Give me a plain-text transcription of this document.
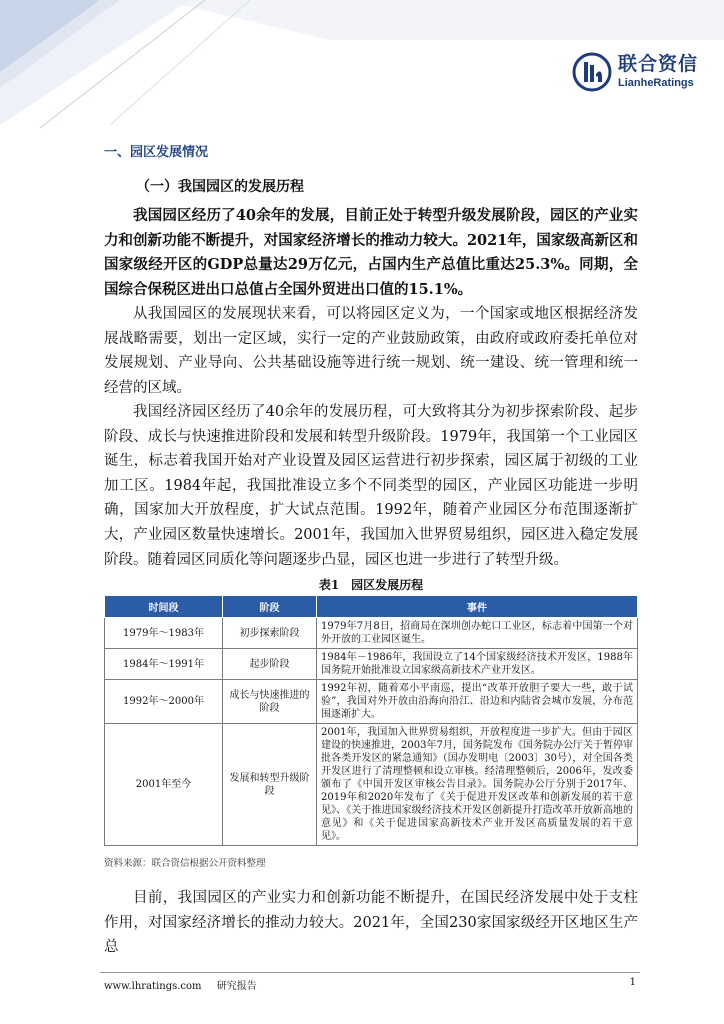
联合资信
LianheRatings
一、园区发展情况
（一）我国园区的发展历程

我国园区经历了40余年的发展，目前正处于转型升级发展阶段，园区的产业实力和创新功能不断提升，对国家经济增长的推动力较大。2021年，国家级高新区和国家级经开区的GDP总量达29万亿元，占国内生产总值比重达25.3%。同期，全国综合保税区进出口总值占全国外贸进出口值的15.1%。

从我国园区的发展现状来看，可以将园区定义为，一个国家或地区根据经济发展战略需要，划出一定区域，实行一定的产业鼓励政策，由政府或政府委托单位对发展规划、产业导向、公共基础设施等进行统一规划、统一建设、统一管理和统一经营的区域。

我国经济园区经历了40余年的发展历程，可大致将其分为初步探索阶段、起步阶段、成长与快速推进阶段和发展和转型升级阶段。1979年，我国第一个工业园区诞生，标志着我国开始对产业设置及园区运营进行初步探索，园区属于初级的工业加工区。1984年起，我国批准设立多个不同类型的园区，产业园区功能进一步明确，国家加大开放程度，扩大试点范围。1992年，随着产业园区分布范围逐渐扩大，产业园区数量快速增长。2001年，我国加入世界贸易组织，园区进入稳定发展阶段。随着园区同质化等问题逐步凸显，园区也进一步进行了转型升级。

表1　园区发展历程
时间段	阶段	事件
1979年～1983年	初步探索阶段	1979年7月8日，招商局在深圳创办蛇口工业区，标志着中国第一个对外开放的工业园区诞生。
1984年～1991年	起步阶段	1984年－1986年，我国设立了14个国家级经济技术开发区，1988年国务院开始批准设立国家级高新技术产业开发区。
1992年～2000年	成长与快速推进的阶段	1992年初，随着邓小平南巡，提出“改革开放胆子要大一些，敢于试验”，我国对外开放由沿海向沿江、沿边和内陆省会城市发展，分布范围逐渐扩大。
2001年至今	发展和转型升级阶段	2001年，我国加入世界贸易组织，开放程度进一步扩大。但由于园区建设的快速推进，2003年7月，国务院发布《国务院办公厅关于暂停审批各类开发区的紧急通知》（国办发明电〔2003〕30号），对全国各类开发区进行了清理整顿和设立审核。经清理整顿后，2006年，发改委颁布了《中国开发区审核公告目录》。国务院办公厅分别于2017年、2019年和2020年发布了《关于促进开发区改革和创新发展的若干意见》、《关于推进国家级经济技术开发区创新提升打造改革开放新高地的意见》和《关于促进国家高新技术产业开发区高质量发展的若干意见》。
资料来源：联合资信根据公开资料整理

目前，我国园区的产业实力和创新功能不断提升，在国民经济发展中处于支柱作用，对国家经济增长的推动力较大。2021年，全国230家国家级经开区地区生产总

www.lhratings.com 研究报告	1
